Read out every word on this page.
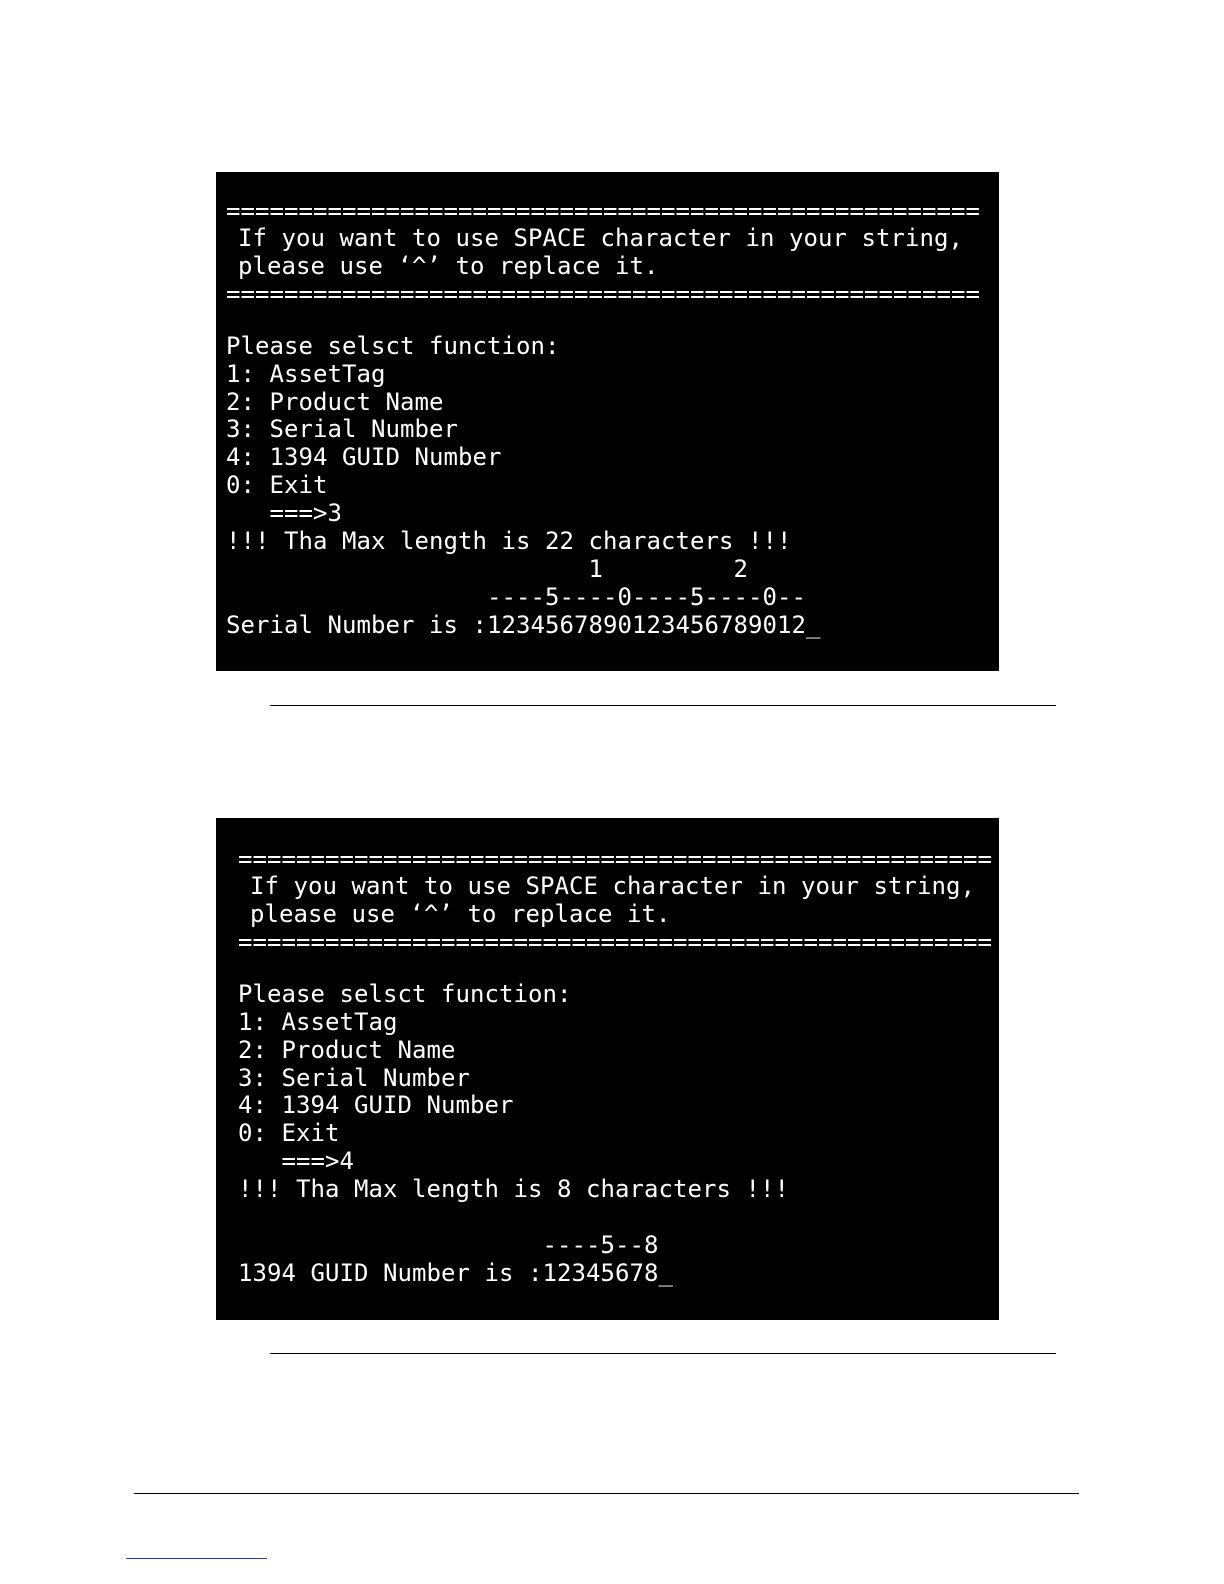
====================================================
If you want to use SPACE character in your string,
please use ‘^’ to replace it.
====================================================
Please selsct function:
1: AssetTag
2: Product Name
3: Serial Number
4: 1394 GUID Number
0: Exit
===>3
!!! Tha Max length is 22 characters !!!
1         2
----5----0----5----0--
Serial Number is :1234567890123456789012_
====================================================
If you want to use SPACE character in your string,
please use ‘^’ to replace it.
====================================================
Please selsct function:
1: AssetTag
2: Product Name
3: Serial Number
4: 1394 GUID Number
0: Exit
===>4
!!! Tha Max length is 8 characters !!!
----5--8
1394 GUID Number is :12345678_
